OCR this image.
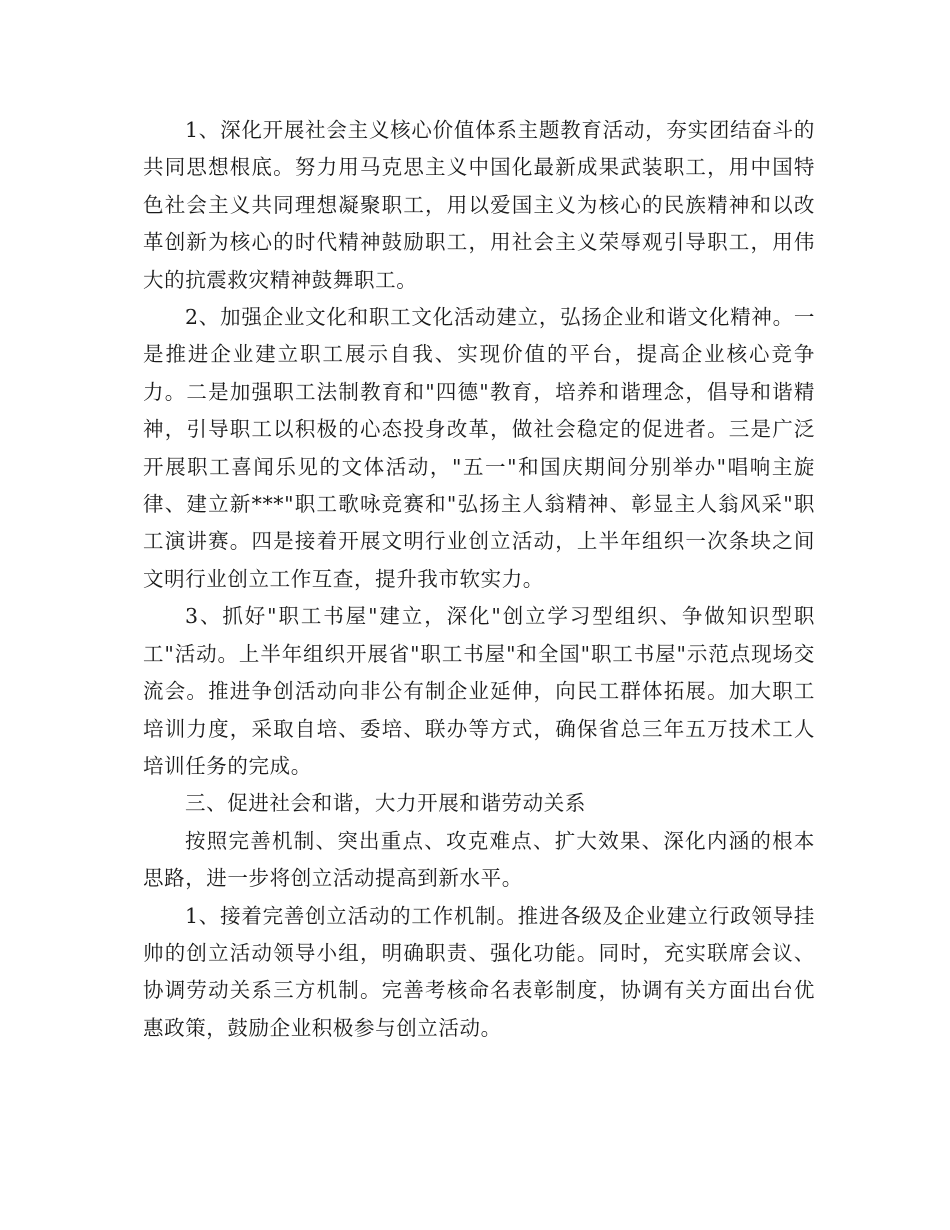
1、深化开展社会主义核心价值体系主题教育活动，夯实团结奋斗的共同思想根底。努力用马克思主义中国化最新成果武装职工，用中国特色社会主义共同理想凝聚职工，用以爱国主义为核心的民族精神和以改革创新为核心的时代精神鼓励职工，用社会主义荣辱观引导职工，用伟大的抗震救灾精神鼓舞职工。

2、加强企业文化和职工文化活动建立，弘扬企业和谐文化精神。一是推进企业建立职工展示自我、实现价值的平台，提高企业核心竞争力。二是加强职工法制教育和"四德"教育，培养和谐理念，倡导和谐精神，引导职工以积极的心态投身改革，做社会稳定的促进者。三是广泛开展职工喜闻乐见的文体活动，"五一"和国庆期间分别举办"唱响主旋律、建立新***"职工歌咏竞赛和"弘扬主人翁精神、彰显主人翁风采"职工演讲赛。四是接着开展文明行业创立活动，上半年组织一次条块之间文明行业创立工作互查，提升我市软实力。

3、抓好"职工书屋"建立，深化"创立学习型组织、争做知识型职工"活动。上半年组织开展省"职工书屋"和全国"职工书屋"示范点现场交流会。推进争创活动向非公有制企业延伸，向民工群体拓展。加大职工培训力度，采取自培、委培、联办等方式，确保省总三年五万技术工人培训任务的完成。

三、促进社会和谐，大力开展和谐劳动关系

按照完善机制、突出重点、攻克难点、扩大效果、深化内涵的根本思路，进一步将创立活动提高到新水平。

1、接着完善创立活动的工作机制。推进各级及企业建立行政领导挂帅的创立活动领导小组，明确职责、强化功能。同时，充实联席会议、协调劳动关系三方机制。完善考核命名表彰制度，协调有关方面出台优惠政策，鼓励企业积极参与创立活动。
